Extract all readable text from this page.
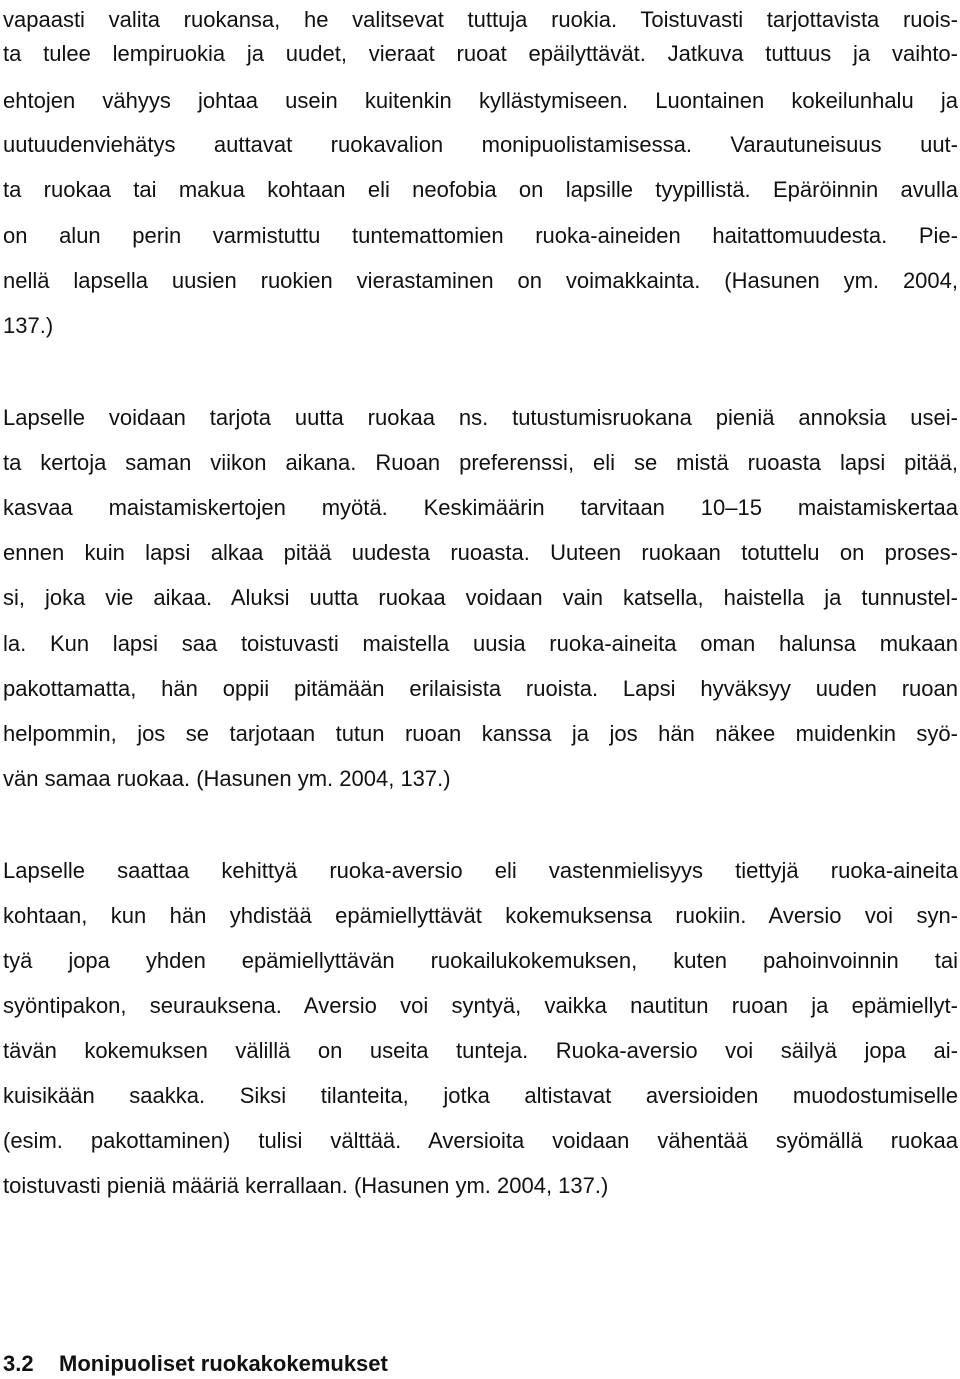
vapaasti valita ruokansa, he valitsevat tuttuja ruokia. Toistuvasti tarjottavista ruois-
ta tulee lempiruokia ja uudet, vieraat ruoat epäilyttävät. Jatkuva tuttuus ja vaihto-
ehtojen vähyys johtaa usein kuitenkin kyllästymiseen. Luontainen kokeilunhalu ja
uutuudenviehätys auttavat ruokavalion monipuolistamisessa. Varautuneisuus uut-
ta ruokaa tai makua kohtaan eli neofobia on lapsille tyypillistä. Epäröinnin avulla
on alun perin varmistuttu tuntemattomien ruoka-aineiden haitattomuudesta. Pie-
nellä lapsella uusien ruokien vierastaminen on voimakkainta. (Hasunen ym. 2004,
137.)
Lapselle voidaan tarjota uutta ruokaa ns. tutustumisruokana pieniä annoksia usei-
ta kertoja saman viikon aikana. Ruoan preferenssi, eli se mistä ruoasta lapsi pitää,
kasvaa maistamiskertojen myötä. Keskimäärin tarvitaan 10–15 maistamiskertaa
ennen kuin lapsi alkaa pitää uudesta ruoasta. Uuteen ruokaan totuttelu on proses-
si, joka vie aikaa. Aluksi uutta ruokaa voidaan vain katsella, haistella ja tunnustel-
la. Kun lapsi saa toistuvasti maistella uusia ruoka-aineita oman halunsa mukaan
pakottamatta, hän oppii pitämään erilaisista ruoista. Lapsi hyväksyy uuden ruoan
helpommin, jos se tarjotaan tutun ruoan kanssa ja jos hän näkee muidenkin syö-
vän samaa ruokaa. (Hasunen ym. 2004, 137.)
Lapselle saattaa kehittyä ruoka-aversio eli vastenmielisyys tiettyjä ruoka-aineita
kohtaan, kun hän yhdistää epämiellyttävät kokemuksensa ruokiin. Aversio voi syn-
tyä jopa yhden epämiellyttävän ruokailukokemuksen, kuten pahoinvoinnin tai
syöntipakon, seurauksena. Aversio voi syntyä, vaikka nautitun ruoan ja epämiellyt-
tävän kokemuksen välillä on useita tunteja. Ruoka-aversio voi säilyä jopa ai-
kuisikään saakka. Siksi tilanteita, jotka altistavat aversioiden muodostumiselle
(esim. pakottaminen) tulisi välttää. Aversioita voidaan vähentää syömällä ruokaa
toistuvasti pieniä määriä kerrallaan. (Hasunen ym. 2004, 137.)
3.2 Monipuoliset ruokakokemukset
